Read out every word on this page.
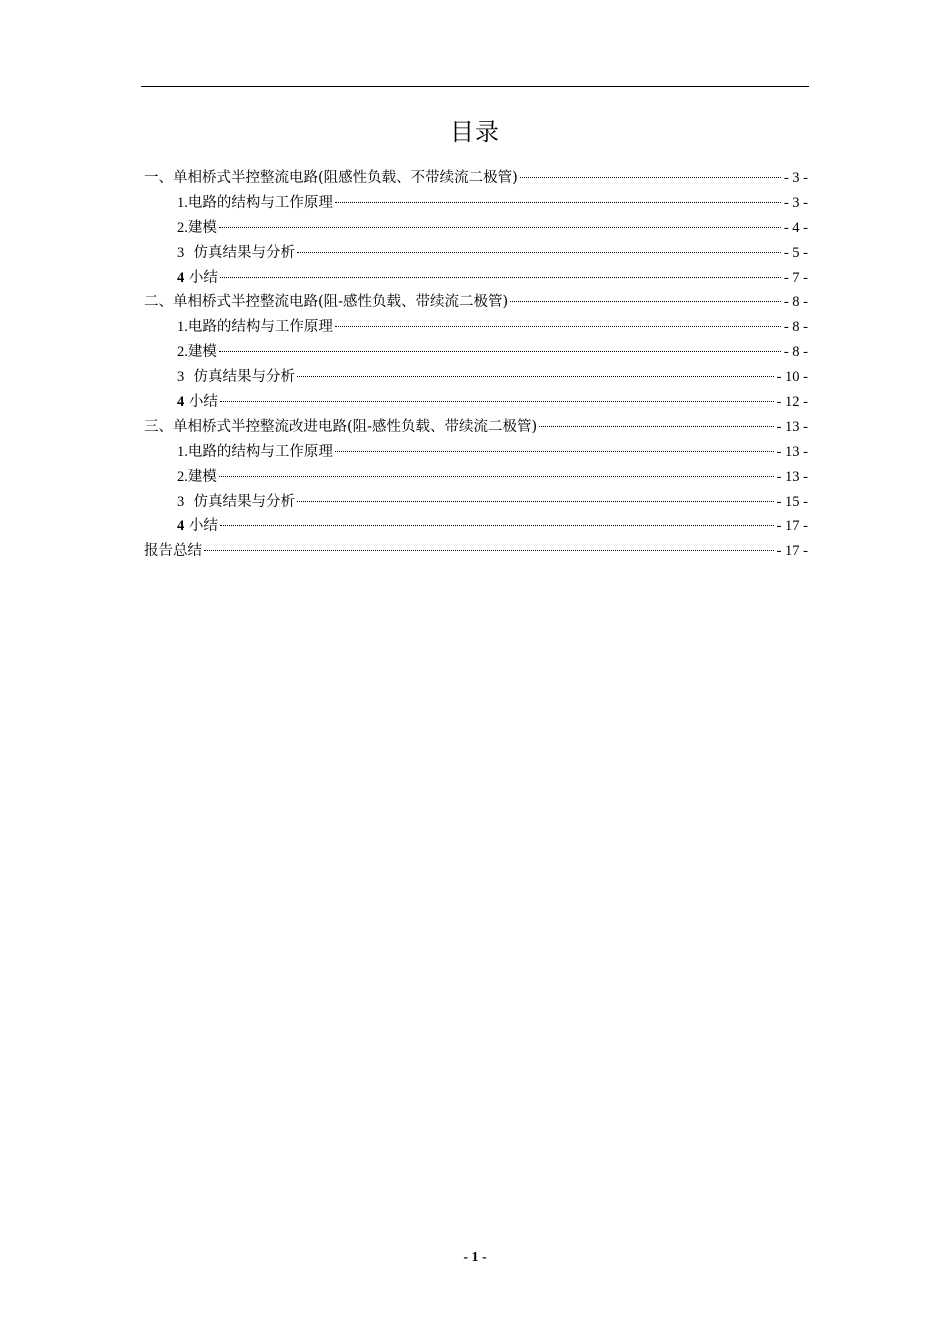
目录
一、单相桥式半控整流电路(阻感性负载、不带续流二极管)	- 3 -
1.电路的结构与工作原理	- 3 -
2.建模	- 4 -
3 仿真结果与分析	- 5 -
4 小结	- 7 -
二、单相桥式半控整流电路(阻-感性负载、带续流二极管)	- 8 -
1.电路的结构与工作原理	- 8 -
2.建模	- 8 -
3 仿真结果与分析	- 10 -
4 小结	- 12 -
三、单相桥式半控整流改进电路(阻-感性负载、带续流二极管)	- 13 -
1.电路的结构与工作原理	- 13 -
2.建模	- 13 -
3 仿真结果与分析	- 15 -
4 小结	- 17 -
报告总结	- 17 -
- 1 -
